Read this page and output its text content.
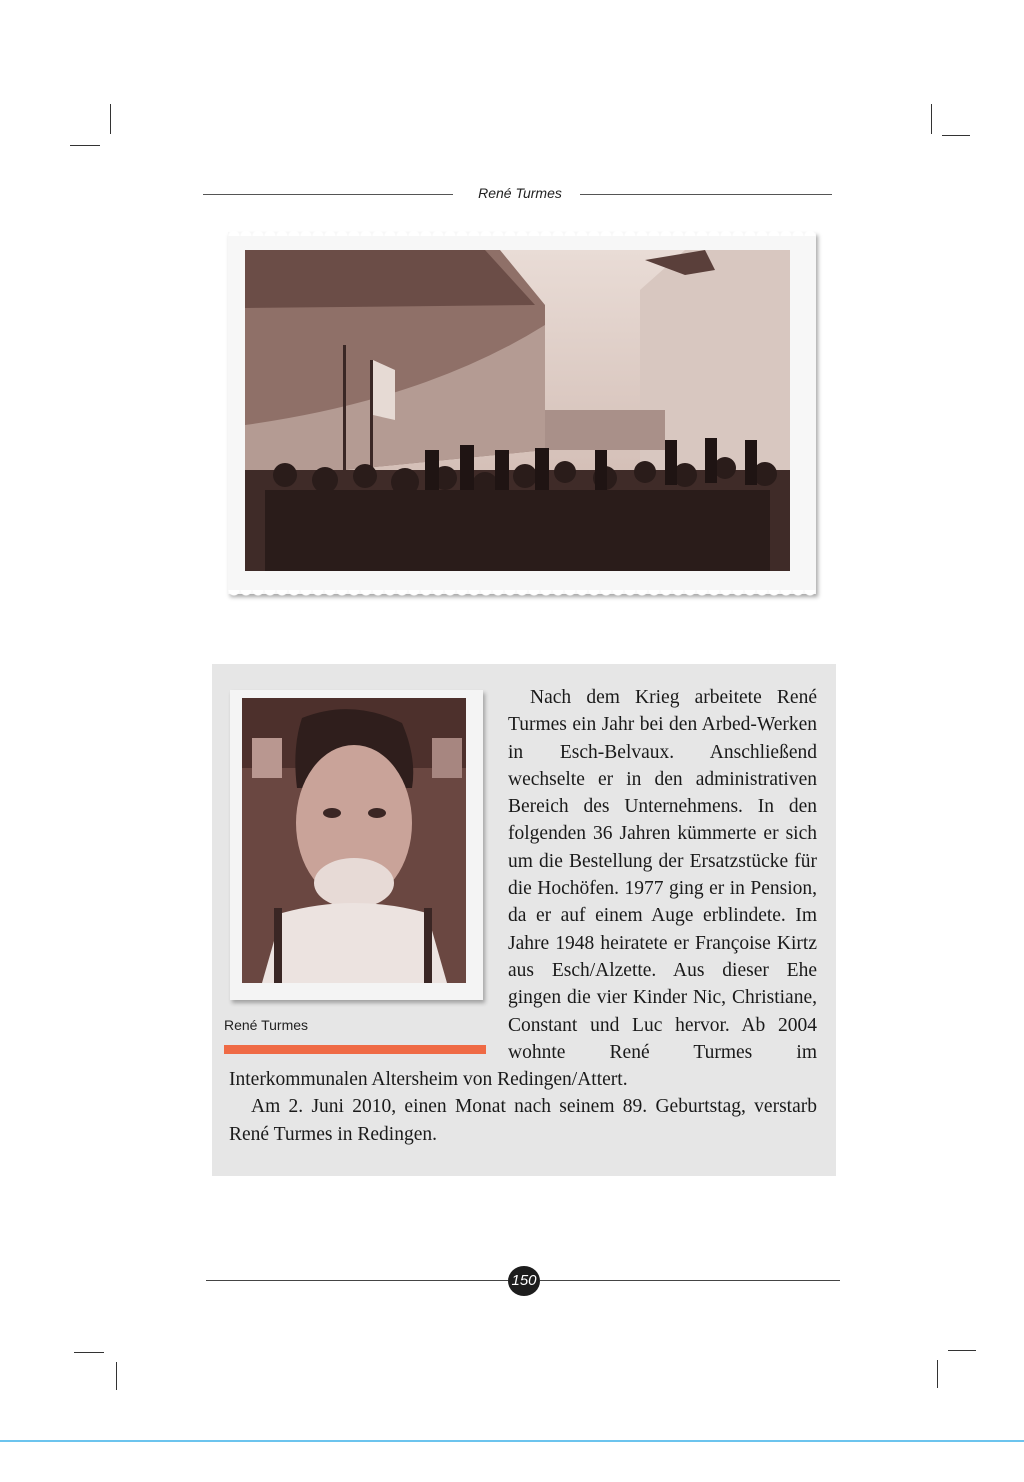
René Turmes
René Turmes

Nach dem Krieg arbeitete René Turmes ein Jahr bei den Arbed-Werken in Esch-Belvaux. Anschließend wechselte er in den administrativen Bereich des Unternehmens. In den folgenden 36 Jahren kümmerte er sich um die Bestellung der Ersatzstücke für die Hochöfen. 1977 ging er in Pension, da er auf einem Auge erblindete. Im Jahre 1948 heiratete er Françoise Kirtz aus Esch/Alzette. Aus dieser Ehe gingen die vier Kinder Nic, Christiane, Constant und Luc hervor. Ab 2004 wohnte René Turmes im Interkommunalen Altersheim von Redingen/Attert.

Am 2. Juni 2010, einen Monat nach seinem 89. Geburtstag, verstarb René Turmes in Redingen.

150
